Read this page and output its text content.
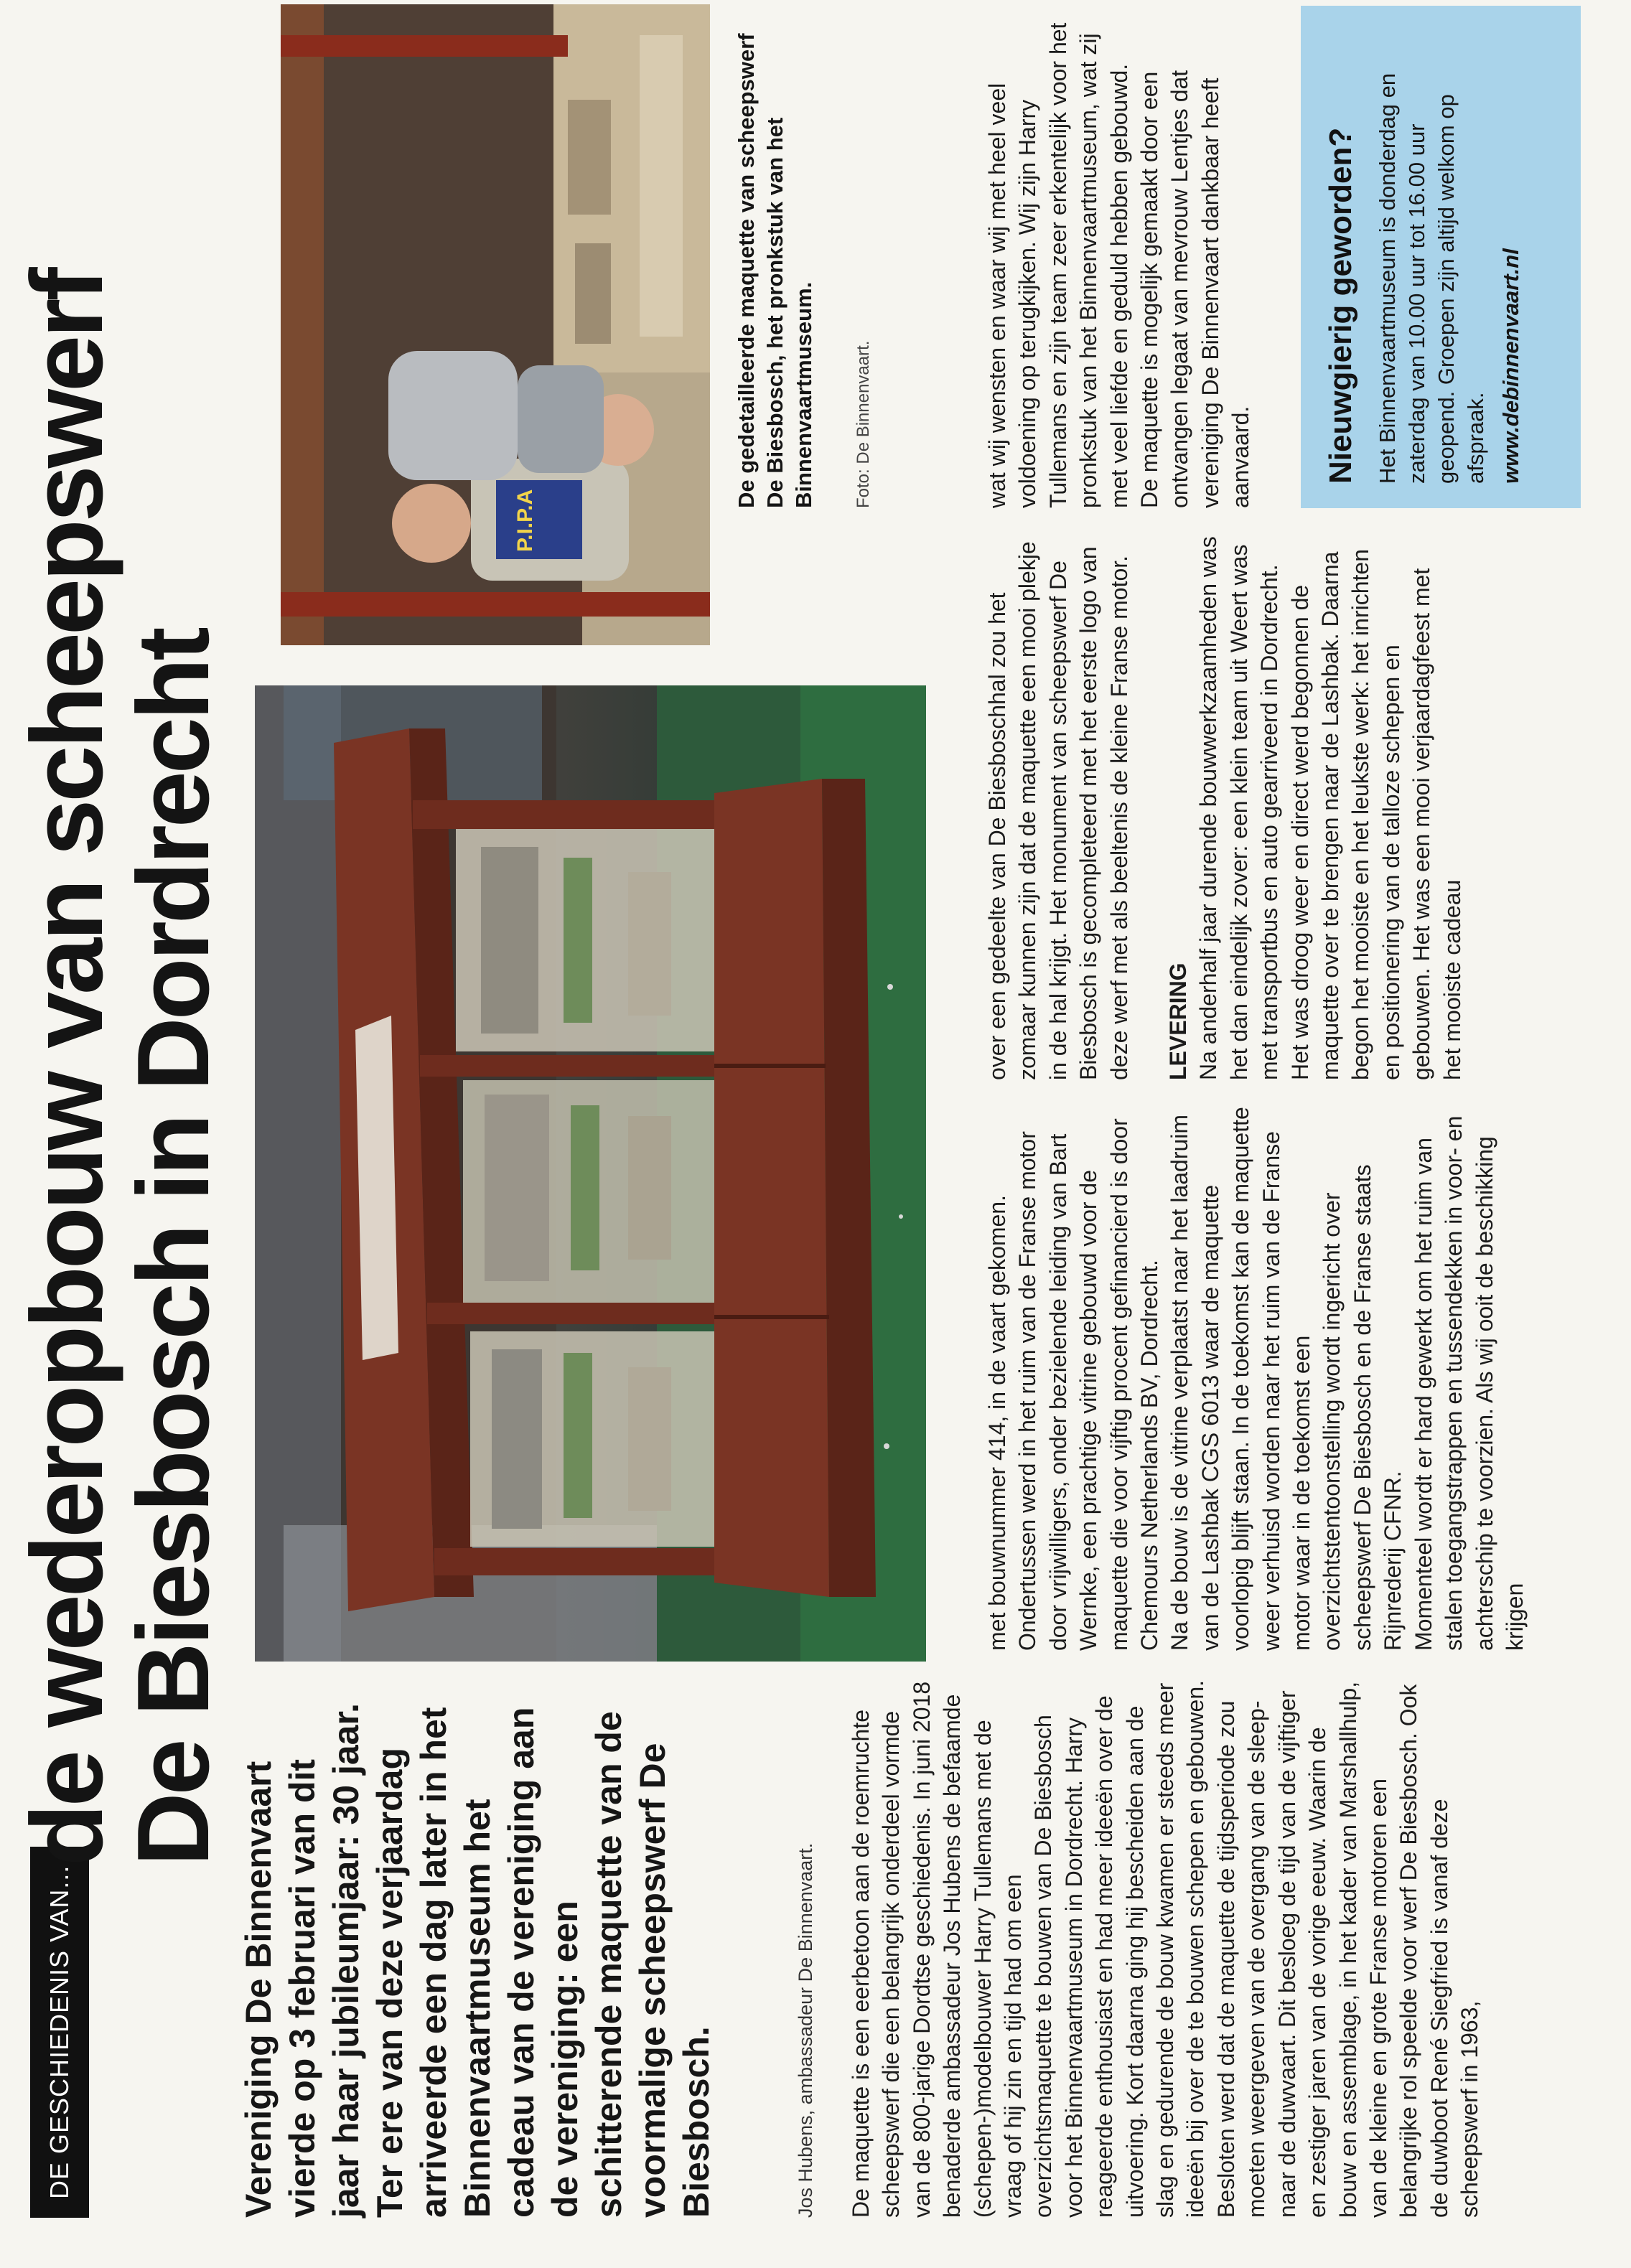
DE GESCHIEDENIS VAN...
de wederopbouw van scheepswerf
De Biesbosch in Dordrecht
P.I.P.A

Vereniging De Binnenvaart vierde op 3 februari van dit jaar haar jubileumjaar: 30 jaar. Ter ere van deze verjaardag arriveerde een dag later in het Binnenvaartmuseum het cadeau van de vereniging aan de vereniging: een schitterende maquette van de voormalige scheepswerf De Biesbosch.	Jos Hubens, ambassadeur De Binnenvaart. De maquette is een eerbetoon aan de roemruchte scheepswerf die een belangrijk onderdeel vormde van de 800-jarige Dordtse geschiedenis. In juni 2018 benaderde ambassadeur Jos Hubens de befaamde (schepen-)modelbouwer Harry Tullemans met de vraag of hij zin en tijd had om een overzichtsmaquette te bouwen van De Biesbosch voor het Binnenvaartmuseum in Dordrecht. Harry reageerde enthousiast en had meer ideeën over de uitvoering. Kort daarna ging hij bescheiden aan de slag en gedurende de bouw kwamen er steeds meer ideeën bij over de te bouwen schepen en gebouwen. Besloten werd dat de maquette de tijdsperiode zou moeten weergeven van de overgang van de sleep- naar de duwvaart. Dit besloeg de tijd van de vijftiger en zestiger jaren van de vorige eeuw. Waarin de bouw en assemblage, in het kader van Marshallhulp, van de kleine en grote Franse motoren een belangrijke rol speelde voor werf De Biesbosch. Ook de duwboot René Siegfried is vanaf deze scheepswerf in 1963,

met bouwnummer 414, in de vaart gekomen. Ondertussen werd in het ruim van de Franse motor door vrijwilligers, onder bezielende leiding van Bart Wernke, een prachtige vitrine gebouwd voor de maquette die voor vijftig procent gefinancierd is door Chemours Netherlands BV, Dordrecht. Na de bouw is de vitrine verplaatst naar het laadruim van de Lashbak CGS 6013 waar de maquette voorlopig blijft staan. In de toekomst kan de maquette weer verhuisd worden naar het ruim van de Franse motor waar in de toekomst een overzichtstentoonstelling wordt ingericht over scheepswerf De Biesbosch en de Franse staats Rijnrederij CFNR. Momenteel wordt er hard gewerkt om het ruim van stalen toegangstrappen en tussendekken in voor- en achterschip te voorzien. Als wij ooit de beschikking krijgen

over een gedeelte van De Biesboschhal zou het zomaar kunnen zijn dat de maquette een mooi plekje in de hal krijgt. Het monument van scheepswerf De Biesbosch is gecompleteerd met het eerste logo van deze werf met als beeltenis de kleine Franse motor. LEVERING Na anderhalf jaar durende bouwwerkzaamheden was het dan eindelijk zover: een klein team uit Weert was met transportbus en auto gearriveerd in Dordrecht. Het was droog weer en direct werd begonnen de maquette over te brengen naar de Lashbak. Daarna begon het mooiste en het leukste werk: het inrichten en positionering van de talloze schepen en gebouwen. Het was een mooi verjaardagfeest met het mooiste cadeau

De gedetailleerde maquette van scheepswerf De Biesbosch, het pronkstuk van het Binnenvaartmuseum. Foto: De Binnenvaart.	wat wij wensten en waar wij met heel veel voldoening op terugkijken. Wij zijn Harry Tullemans en zijn team zeer erkentelijk voor het pronkstuk van het Binnenvaartmuseum, wat zij met veel liefde en geduld hebben gebouwd. De maquette is mogelijk gemaakt door een ontvangen legaat van mevrouw Lentjes dat vereniging De Binnenvaart dankbaar heeft aanvaard. Nieuwgierig geworden? Het Binnenvaartmuseum is donderdag en zaterdag van 10.00 uur tot 16.00 uur geopend. Groepen zijn altijd welkom op afspraak. www.debinnenvaart.nl
